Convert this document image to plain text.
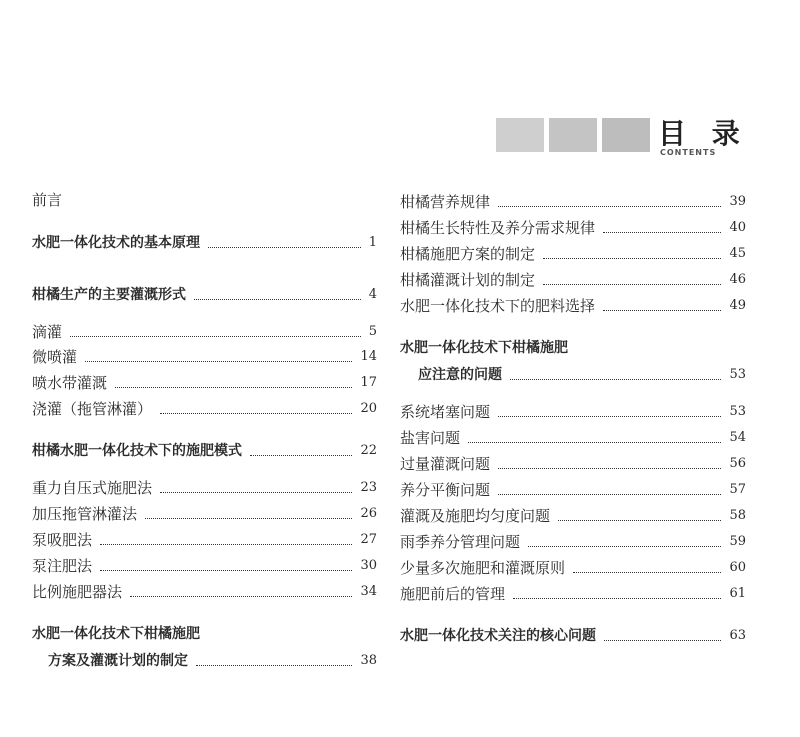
目 录
CONTENTS
前言
水肥一体化技术的基本原理	1
柑橘生产的主要灌溉形式	4
滴灌	5
微喷灌	14
喷水带灌溉	17
浇灌（拖管淋灌）	20
柑橘水肥一体化技术下的施肥模式	22
重力自压式施肥法	23
加压拖管淋灌法	26
泵吸肥法	27
泵注肥法	30
比例施肥器法	34
水肥一体化技术下柑橘施肥
方案及灌溉计划的制定	38
柑橘营养规律	39
柑橘生长特性及养分需求规律	40
柑橘施肥方案的制定	45
柑橘灌溉计划的制定	46
水肥一体化技术下的肥料选择	49
水肥一体化技术下柑橘施肥
应注意的问题	53
系统堵塞问题	53
盐害问题	54
过量灌溉问题	56
养分平衡问题	57
灌溉及施肥均匀度问题	58
雨季养分管理问题	59
少量多次施肥和灌溉原则	60
施肥前后的管理	61
水肥一体化技术关注的核心问题	63
